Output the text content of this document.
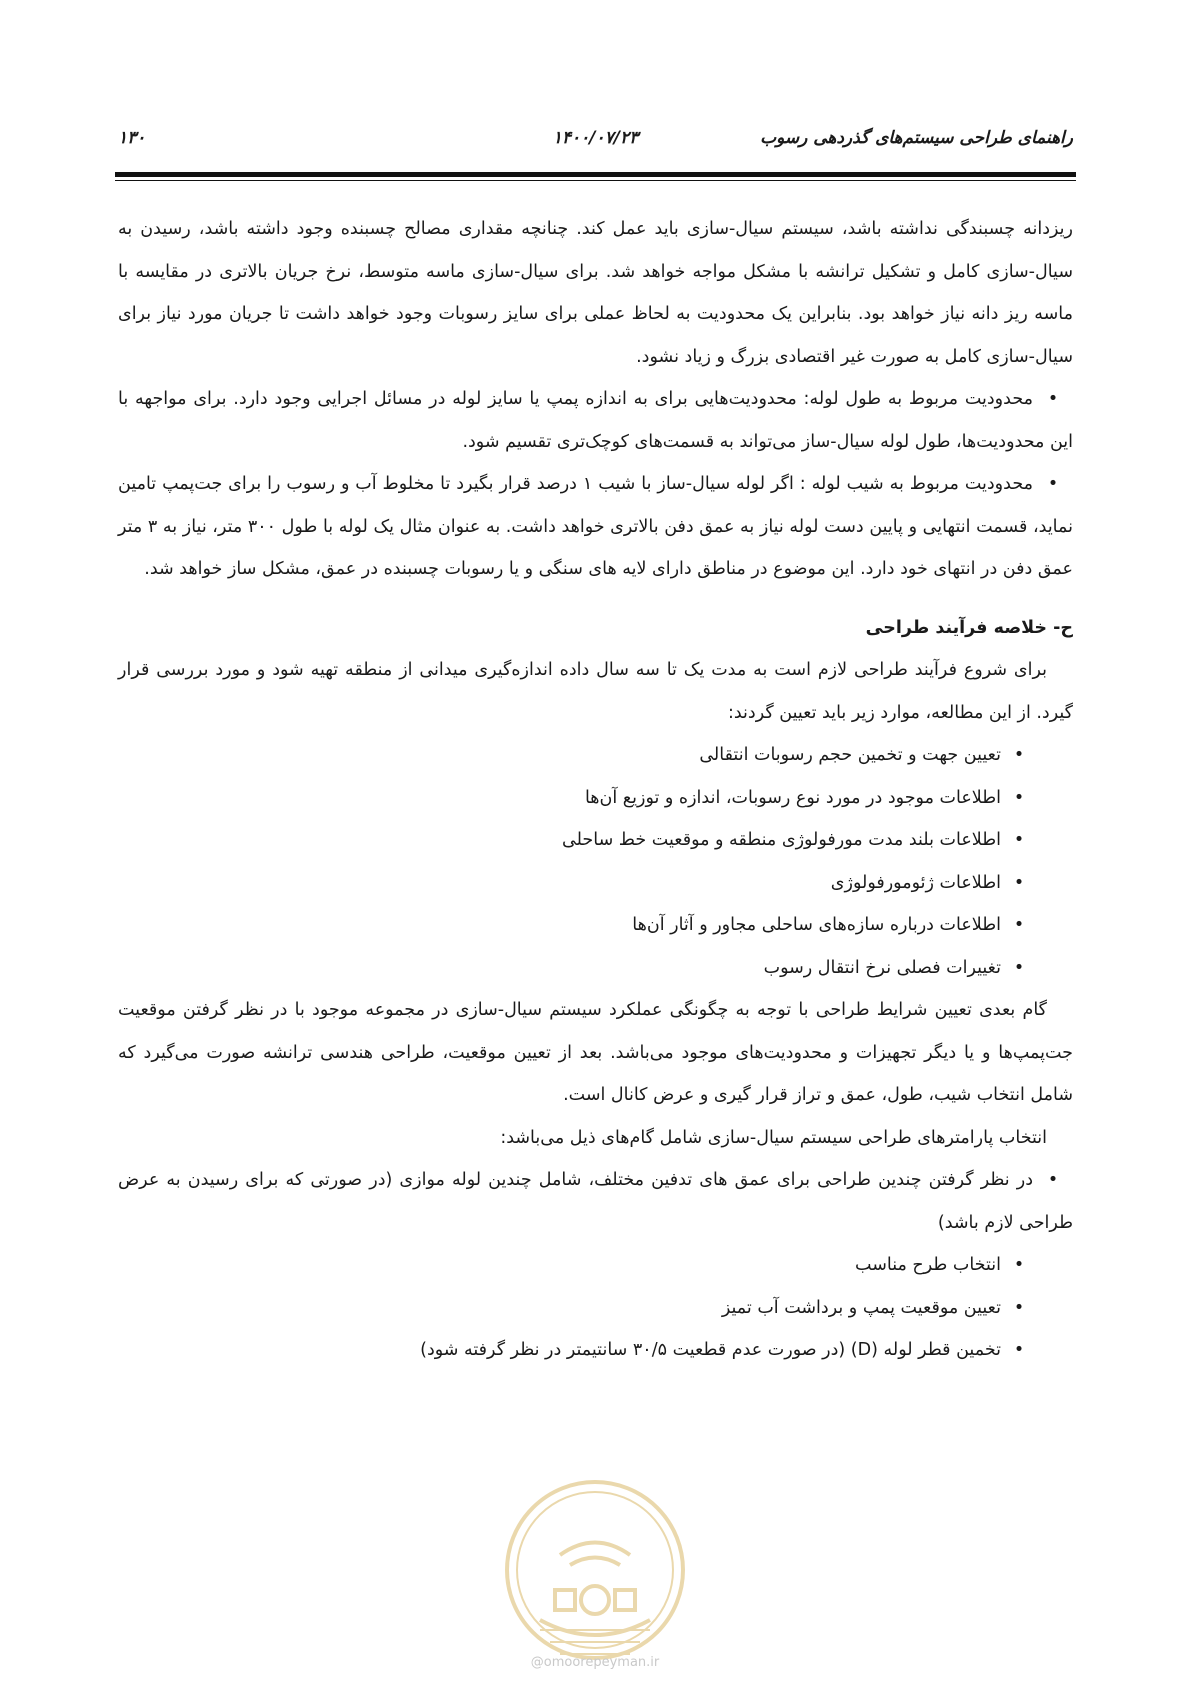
راهنمای طراحی سیستم‌های گذردهی رسوب
۱۴۰۰/۰۷/۲۳
۱۳۰

ریزدانه چسبندگی نداشته باشد، سیستم سیال-سازی باید عمل کند. چنانچه مقداری مصالح چسبنده وجود داشته باشد، رسیدن به سیال-سازی کامل و تشکیل ترانشه با مشکل مواجه خواهد شد. برای سیال-سازی ماسه متوسط، نرخ جریان بالاتری در مقایسه با ماسه ریز دانه نیاز خواهد بود. بنابراین یک محدودیت به لحاظ عملی برای سایز رسوبات وجود خواهد داشت تا جریان مورد نیاز برای سیال-سازی کامل به صورت غیر اقتصادی بزرگ و زیاد نشود.

•محدودیت مربوط به طول لوله: محدودیت‌هایی برای به اندازه پمپ یا سایز لوله در مسائل اجرایی وجود دارد. برای مواجهه با این محدودیت‌ها، طول لوله سیال-ساز می‌تواند به قسمت‌های کوچک‌تری تقسیم شود.

•محدودیت مربوط به شیب لوله : اگر لوله سیال-ساز با شیب ۱ درصد قرار بگیرد تا مخلوط آب و رسوب را برای جت‌پمپ تامین نماید، قسمت انتهایی و پایین دست لوله نیاز به عمق دفن بالاتری خواهد داشت. به عنوان مثال یک لوله با طول ۳۰۰ متر، نیاز به ۳ متر عمق دفن در انتهای خود دارد. این موضوع در مناطق دارای لایه های سنگی و یا رسوبات چسبنده در عمق، مشکل ساز خواهد شد.

ح- خلاصه فرآیند طراحی

برای شروع فرآیند طراحی لازم است به مدت یک تا سه سال داده اندازه‌گیری میدانی از منطقه تهیه شود و مورد بررسی قرار گیرد. از این مطالعه، موارد زیر باید تعیین گردند:

•تعیین جهت و تخمین حجم رسوبات انتقالی
•اطلاعات موجود در مورد نوع رسوبات، اندازه و توزیع آن‌ها
•اطلاعات بلند مدت مورفولوژی منطقه و موقعیت خط ساحلی
•اطلاعات ژئومورفولوژی
•اطلاعات درباره سازه‌های ساحلی مجاور و آثار آن‌ها
•تغییرات فصلی نرخ انتقال رسوب

گام بعدی تعیین شرایط طراحی با توجه به چگونگی عملکرد سیستم سیال-سازی در مجموعه موجود با در نظر گرفتن موقعیت جت‌پمپ‌ها و یا دیگر تجهیزات و محدودیت‌های موجود می‌باشد. بعد از تعیین موقعیت، طراحی هندسی ترانشه صورت می‌گیرد که شامل انتخاب شیب، طول، عمق و تراز قرار گیری و عرض کانال است.

انتخاب پارامترهای طراحی سیستم سیال-سازی شامل گام‌های ذیل می‌باشد:

•در نظر گرفتن چندین طراحی برای عمق های تدفین مختلف، شامل چندین لوله موازی (در صورتی که برای رسیدن به عرض طراحی لازم باشد)

•انتخاب طرح مناسب
•تعیین موقعیت پمپ و برداشت آب تمیز
•تخمین قطر لوله (D) (در صورت عدم قطعیت ۳۰/۵ سانتیمتر در نظر گرفته شود)
@omoorepeyman.ir
